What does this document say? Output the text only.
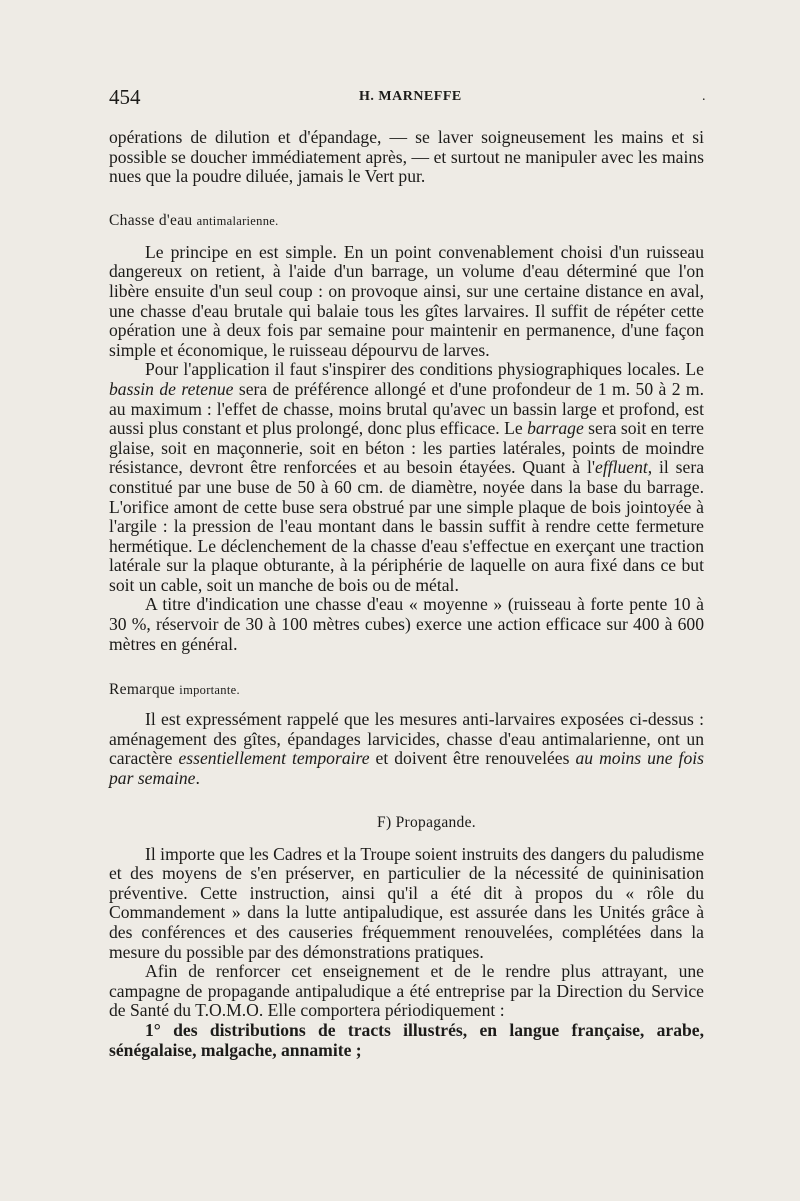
454	H. MARNEFFE	.

opérations de dilution et d'épandage, — se laver soigneusement les mains et si possible se doucher immédiatement après, — et surtout ne manipuler avec les mains nues que la poudre diluée, jamais le Vert pur.

Chasse d'eau antimalarienne.

Le principe en est simple. En un point convenablement choisi d'un ruisseau dangereux on retient, à l'aide d'un barrage, un volume d'eau déterminé que l'on libère ensuite d'un seul coup : on provoque ainsi, sur une certaine distance en aval, une chasse d'eau brutale qui balaie tous les gîtes larvaires. Il suffit de répéter cette opération une à deux fois par semaine pour maintenir en permanence, d'une façon simple et économique, le ruisseau dépourvu de larves.

Pour l'application il faut s'inspirer des conditions physiographiques locales. Le bassin de retenue sera de préférence allongé et d'une profondeur de 1 m. 50 à 2 m. au maximum : l'effet de chasse, moins brutal qu'avec un bassin large et profond, est aussi plus constant et plus prolongé, donc plus efficace. Le barrage sera soit en terre glaise, soit en maçonnerie, soit en béton : les parties latérales, points de moindre résistance, devront être renforcées et au besoin étayées. Quant à l'effluent, il sera constitué par une buse de 50 à 60 cm. de diamètre, noyée dans la base du barrage. L'orifice amont de cette buse sera obstrué par une simple plaque de bois jointoyée à l'argile : la pression de l'eau montant dans le bassin suffit à rendre cette fermeture hermétique. Le déclenchement de la chasse d'eau s'effectue en exerçant une traction latérale sur la plaque obturante, à la périphérie de laquelle on aura fixé dans ce but soit un cable, soit un manche de bois ou de métal.

A titre d'indication une chasse d'eau « moyenne » (ruisseau à forte pente 10 à 30 %, réservoir de 30 à 100 mètres cubes) exerce une action efficace sur 400 à 600 mètres en général.

Remarque importante.

Il est expressément rappelé que les mesures anti-larvaires exposées ci-dessus : aménagement des gîtes, épandages larvicides, chasse d'eau antimalarienne, ont un caractère essentiellement temporaire et doivent être renouvelées au moins une fois par semaine.

F) Propagande.

Il importe que les Cadres et la Troupe soient instruits des dangers du paludisme et des moyens de s'en préserver, en particulier de la nécessité de quininisation préventive. Cette instruction, ainsi qu'il a été dit à propos du « rôle du Commandement » dans la lutte antipaludique, est assurée dans les Unités grâce à des conférences et des causeries fréquemment renouvelées, complétées dans la mesure du possible par des démonstrations pratiques.

Afin de renforcer cet enseignement et de le rendre plus attrayant, une campagne de propagande antipaludique a été entreprise par la Direction du Service de Santé du T.O.M.O. Elle comportera périodiquement :

1° des distributions de tracts illustrés, en langue française, arabe, sénégalaise, malgache, annamite ;
